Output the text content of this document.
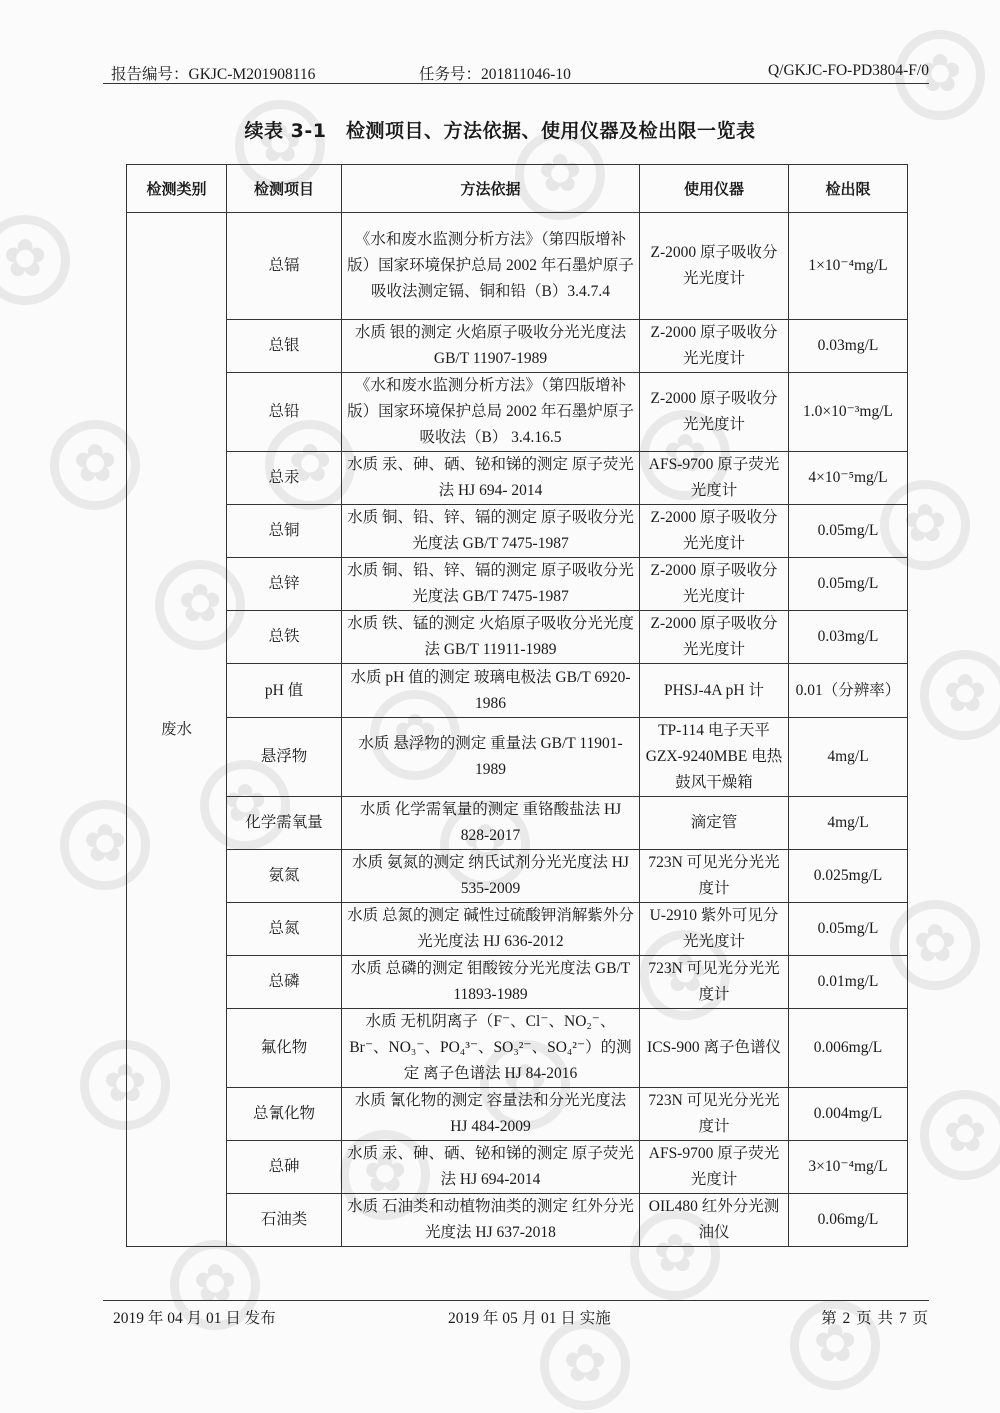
✿
✿
✿
✿
✿
✿
✿
✿
✿
✿
✿
✿
✿
✿
✿
✿
✿
✿
✿
✿
✿
✿
✿
✿
报告编号：GKJC-M201908116	任务号：201811046-10	Q/GKJC-FO-PD3804-F/0
续表 3-1　检测项目、方法依据、使用仪器及检出限一览表
检测类别	检测项目	方法依据	使用仪器	检出限
废水	总镉	《水和废水监测分析方法》（第四版增补版）国家环境保护总局 2002 年石墨炉原子吸收法测定镉、铜和铅（B）3.4.7.4	Z-2000 原子吸收分光光度计	1×10⁻⁴mg/L
	总银	水质 银的测定 火焰原子吸收分光光度法 GB/T 11907-1989	Z-2000 原子吸收分光光度计	0.03mg/L
	总铅	《水和废水监测分析方法》（第四版增补版）国家环境保护总局 2002 年石墨炉原子吸收法（B） 3.4.16.5	Z-2000 原子吸收分光光度计	1.0×10⁻³mg/L
	总汞	水质 汞、砷、硒、铋和锑的测定 原子荧光法 HJ 694- 2014	AFS-9700 原子荧光光度计	4×10⁻⁵mg/L
	总铜	水质 铜、铅、锌、镉的测定 原子吸收分光光度法 GB/T 7475-1987	Z-2000 原子吸收分光光度计	0.05mg/L
	总锌	水质 铜、铅、锌、镉的测定 原子吸收分光光度法 GB/T 7475-1987	Z-2000 原子吸收分光光度计	0.05mg/L
	总铁	水质 铁、锰的测定 火焰原子吸收分光光度法 GB/T 11911-1989	Z-2000 原子吸收分光光度计	0.03mg/L
	pH 值	水质 pH 值的测定 玻璃电极法 GB/T 6920-1986	PHSJ-4A pH 计	0.01（分辨率）
	悬浮物	水质 悬浮物的测定 重量法 GB/T 11901-1989	TP-114 电子天平 GZX-9240MBE 电热鼓风干燥箱	4mg/L
	化学需氧量	水质 化学需氧量的测定 重铬酸盐法 HJ 828-2017	滴定管	4mg/L
	氨氮	水质 氨氮的测定 纳氏试剂分光光度法 HJ 535-2009	723N 可见光分光光度计	0.025mg/L
	总氮	水质 总氮的测定 碱性过硫酸钾消解紫外分光光度法 HJ 636-2012	U-2910 紫外可见分光光度计	0.05mg/L
	总磷	水质 总磷的测定 钼酸铵分光光度法 GB/T 11893-1989	723N 可见光分光光度计	0.01mg/L
	氟化物	水质 无机阴离子（F⁻、Cl⁻、NO₂⁻、Br⁻、NO₃⁻、PO₄³⁻、SO₃²⁻、SO₄²⁻）的测定 离子色谱法 HJ 84-2016	ICS-900 离子色谱仪	0.006mg/L
	总氰化物	水质 氰化物的测定 容量法和分光光度法 HJ 484-2009	723N 可见光分光光度计	0.004mg/L
	总砷	水质 汞、砷、硒、铋和锑的测定 原子荧光法 HJ 694-2014	AFS-9700 原子荧光光度计	3×10⁻⁴mg/L
	石油类	水质 石油类和动植物油类的测定 红外分光光度法 HJ 637-2018	OIL480 红外分光测油仪	0.06mg/L
2019 年 04 月 01 日 发布	2019 年 05 月 01 日 实施	第 2 页 共 7 页
